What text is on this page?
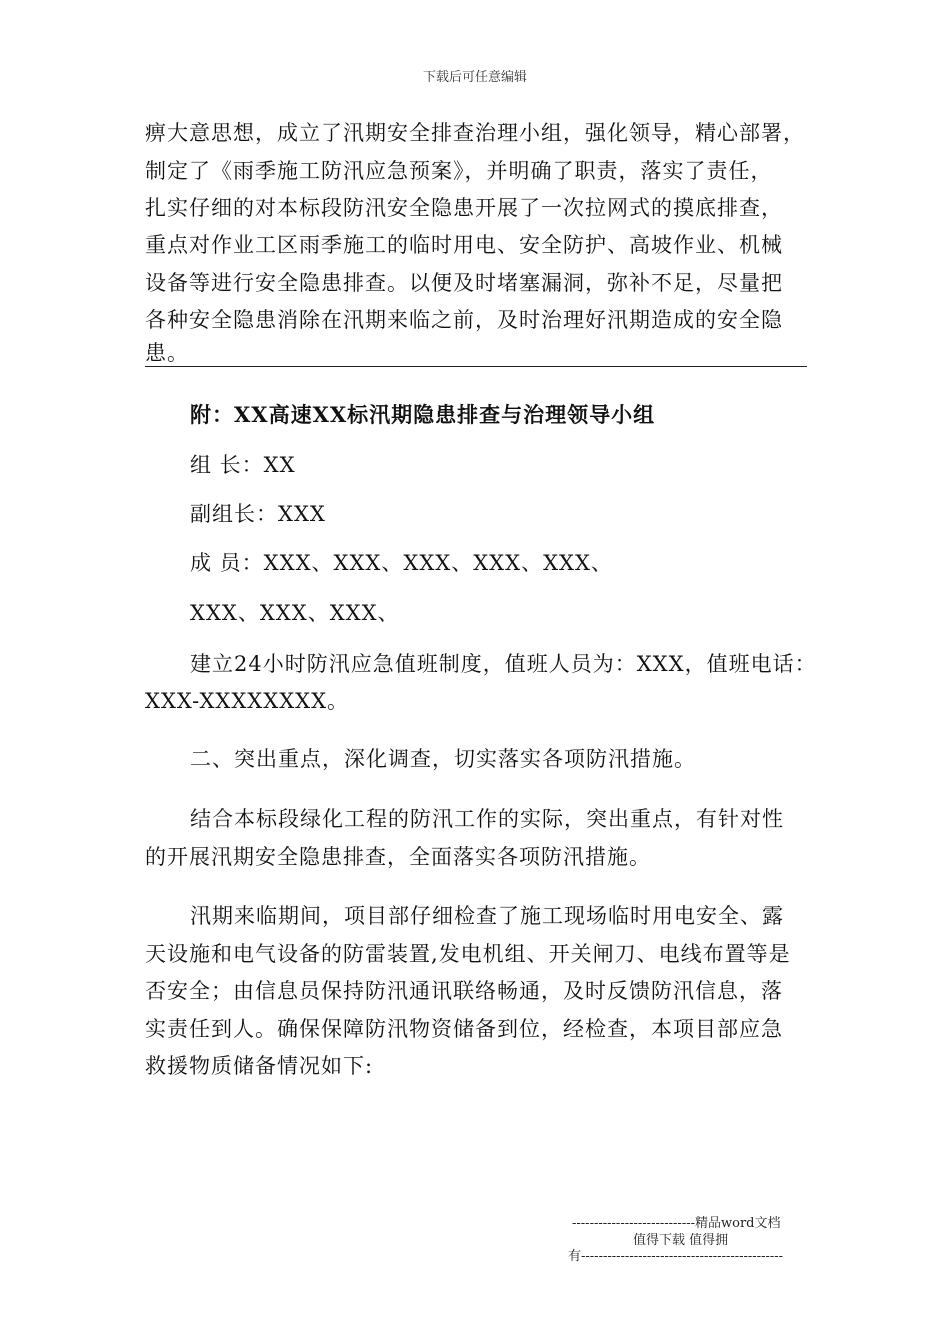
下载后可任意编辑
痹大意思想，成立了汛期安全排查治理小组，强化领导，精心部署，
制定了《雨季施工防汛应急预案》，并明确了职责，落实了责任，
扎实仔细的对本标段防汛安全隐患开展了一次拉网式的摸底排查，
重点对作业工区雨季施工的临时用电、安全防护、高坡作业、机械
设备等进行安全隐患排查。以便及时堵塞漏洞，弥补不足，尽量把
各种安全隐患消除在汛期来临之前，及时治理好汛期造成的安全隐
患。
附：XX高速XX标汛期隐患排查与治理领导小组
组 长：XX
副组长：XXX
成 员：XXX、XXX、XXX、XXX、XXX、
XXX、XXX、XXX、
建立24小时防汛应急值班制度，值班人员为：XXX，值班电话：
XXX-XXXXXXXX。
二、突出重点，深化调查，切实落实各项防汛措施。
结合本标段绿化工程的防汛工作的实际，突出重点，有针对性
的开展汛期安全隐患排查，全面落实各项防汛措施。
汛期来临期间，项目部仔细检查了施工现场临时用电安全、露
天设施和电气设备的防雷装置,发电机组、开关闸刀、电线布置等是
否安全；由信息员保持防汛通讯联络畅通，及时反馈防汛信息，落
实责任到人。确保保障防汛物资储备到位，经检查，本项目部应急
救援物质储备情况如下:
----------------------------精品word文档
值得下载 值得拥
有----------------------------------------------
